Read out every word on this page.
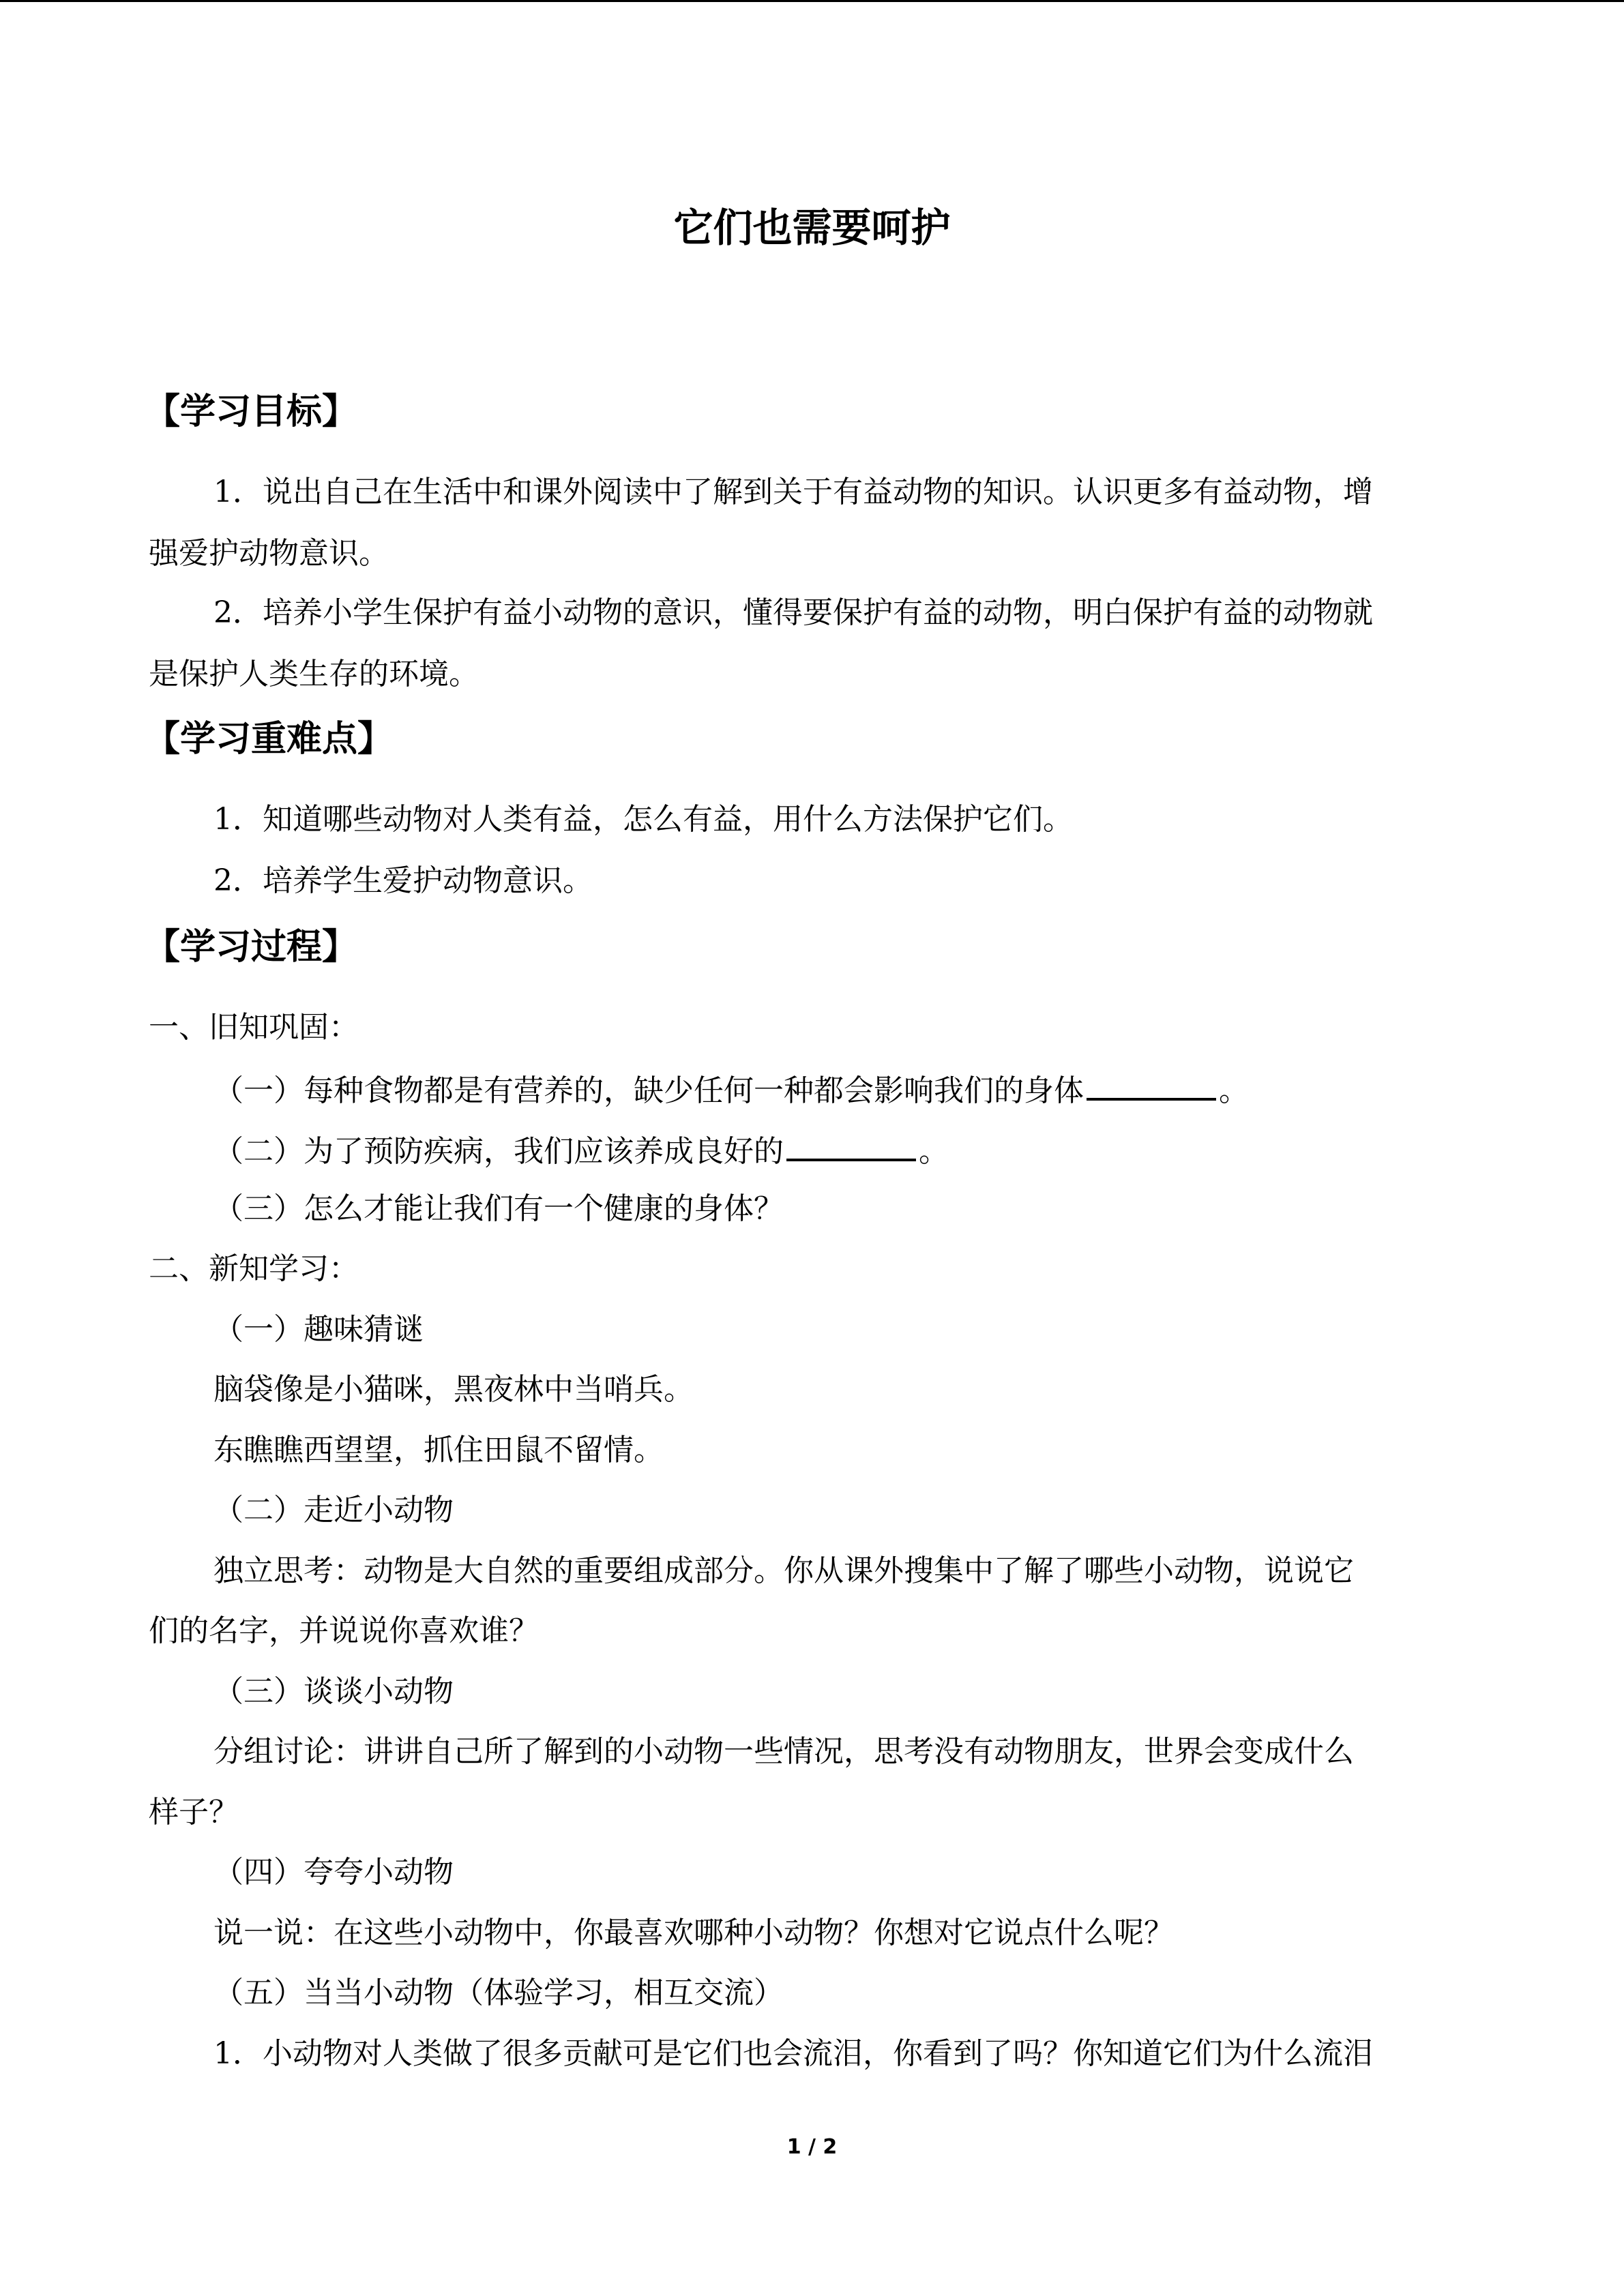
它们也需要呵护
【学习目标】
1．说出自己在生活中和课外阅读中了解到关于有益动物的知识。认识更多有益动物，增
强爱护动物意识。
2．培养小学生保护有益小动物的意识，懂得要保护有益的动物，明白保护有益的动物就
是保护人类生存的环境。
【学习重难点】
1．知道哪些动物对人类有益，怎么有益，用什么方法保护它们。
2．培养学生爱护动物意识。
【学习过程】
一、旧知巩固：
（一）每种食物都是有营养的，缺少任何一种都会影响我们的身体	。
（二）为了预防疾病，我们应该养成良好的	。
（三）怎么才能让我们有一个健康的身体？
二、新知学习：
（一）趣味猜谜
脑袋像是小猫咪，黑夜林中当哨兵。
东瞧瞧西望望，抓住田鼠不留情。
（二）走近小动物
独立思考：动物是大自然的重要组成部分。你从课外搜集中了解了哪些小动物，说说它
们的名字，并说说你喜欢谁？
（三）谈谈小动物
分组讨论：讲讲自己所了解到的小动物一些情况，思考没有动物朋友，世界会变成什么
样子？
（四）夸夸小动物
说一说：在这些小动物中，你最喜欢哪种小动物？你想对它说点什么呢？
（五）当当小动物（体验学习，相互交流）
1．小动物对人类做了很多贡献可是它们也会流泪，你看到了吗？你知道它们为什么流泪
1 / 2
